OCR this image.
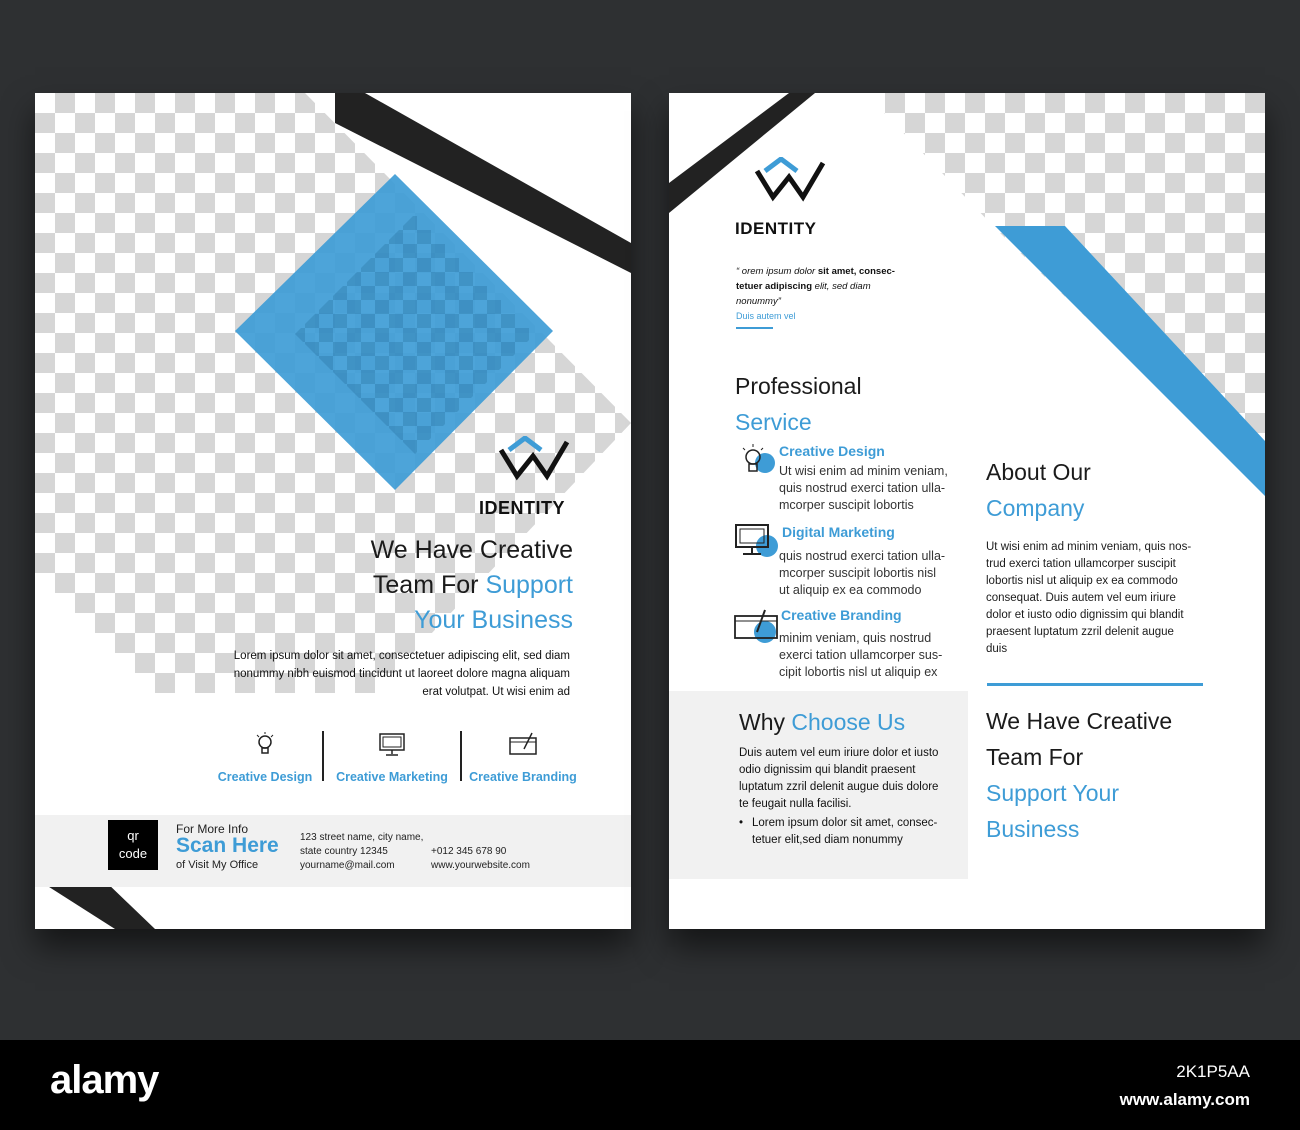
IDENTITY
We Have Creative
Team For Support
Your Business
Lorem ipsum dolor sit amet, consectetuer adipiscing elit, sed diam nonummy nibh euismod tincidunt ut laoreet dolore magna aliquam erat volutpat. Ut wisi enim ad
Creative Design	Creative Marketing	Creative Branding
qr
code
For More Info
Scan Here
of Visit My Office
123 street name, city name,
state country 12345
yourname@mail.com
+012 345 678 90
www.yourwebsite.com
IDENTITY
“ orem ipsum dolor sit amet, consec-
tetuer adipiscing elit, sed diam
nonummy”
Duis autem vel
Professional
Service
Creative Design
Ut wisi enim ad minim veniam,
quis nostrud exerci tation ulla-
mcorper suscipit lobortis
Digital Marketing
quis nostrud exerci tation ulla-
mcorper suscipit lobortis nisl
ut aliquip ex ea commodo
Creative Branding
minim veniam, quis nostrud
exerci tation ullamcorper sus-
cipit lobortis nisl ut aliquip ex
About Our
Company
Ut wisi enim ad minim veniam, quis nos-
trud exerci tation ullamcorper suscipit
lobortis nisl ut aliquip ex ea commodo
consequat. Duis autem vel eum iriure
dolor et iusto odio dignissim qui blandit
praesent luptatum zzril delenit augue
duis
Why Choose Us
Duis autem vel eum iriure dolor et iusto
odio dignissim qui blandit praesent
luptatum zzril delenit augue duis dolore
te feugait nulla facilisi.
• Lorem ipsum dolor sit amet, consec-
tetuer elit,sed diam nonummy
We Have Creative
Team For
Support Your
Business
alamy	2K1P5AA
www.alamy.com
